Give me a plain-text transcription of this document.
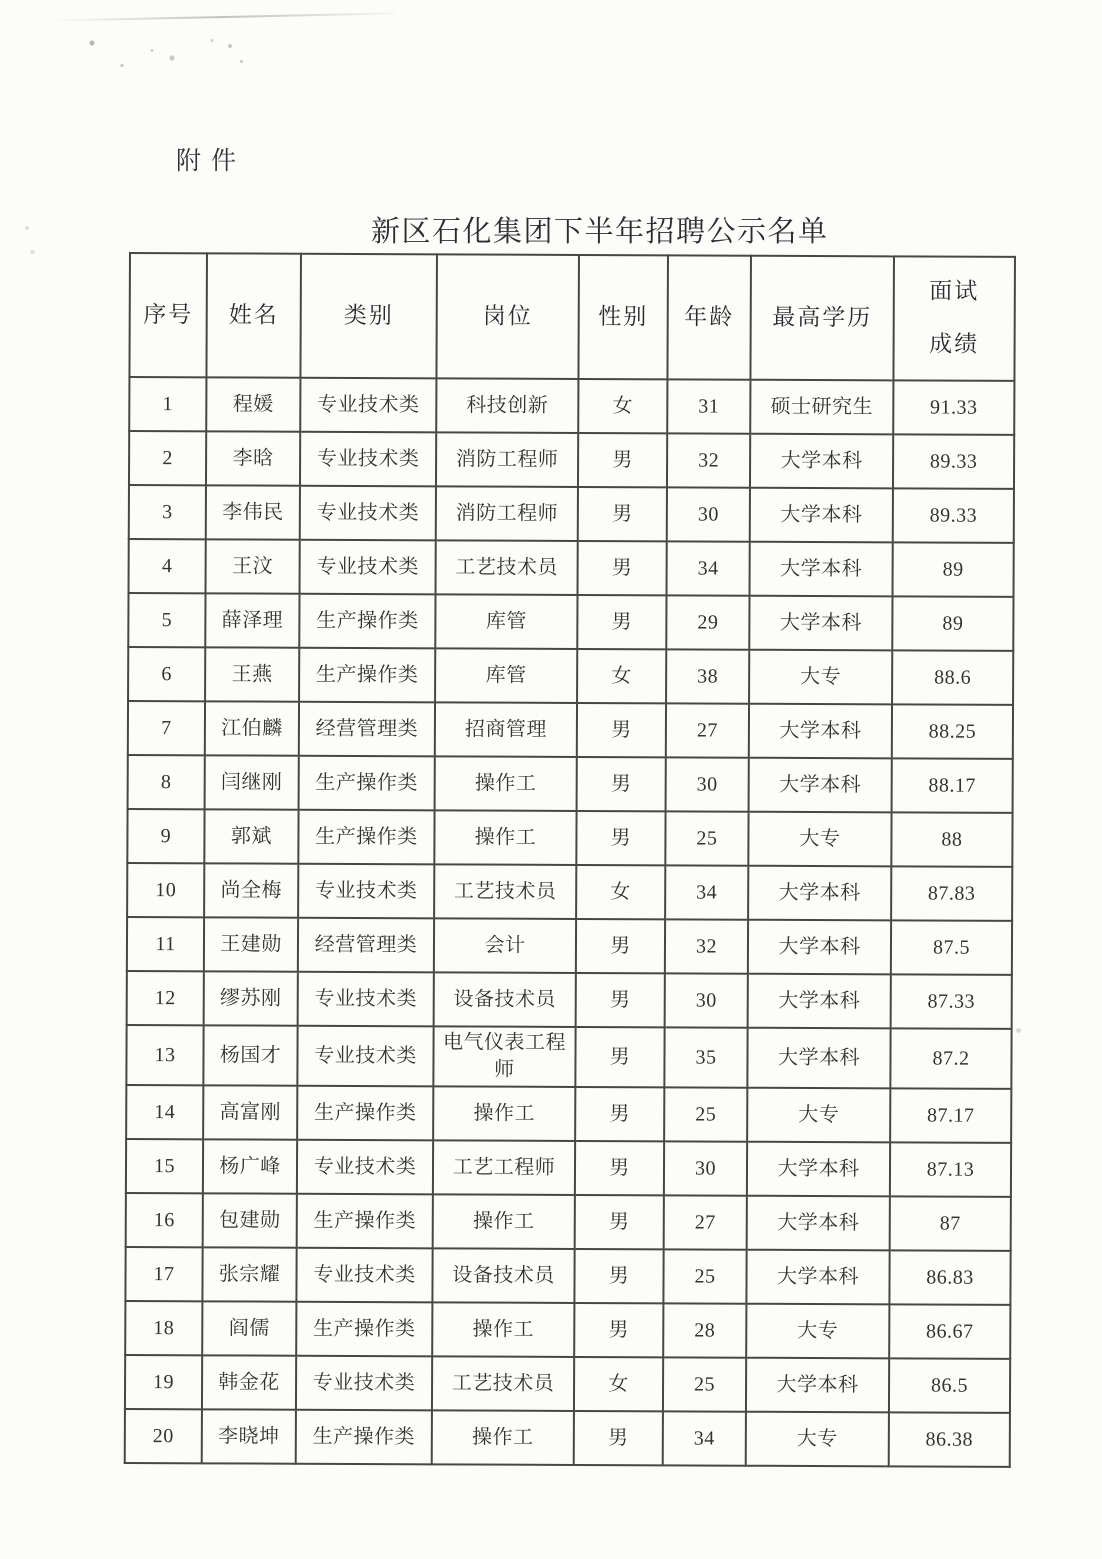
附件
新区石化集团下半年招聘公示名单
序号	姓名	类别	岗位	性别	年龄	最高学历	面试
成绩
1	程媛	专业技术类	科技创新	女	31	硕士研究生	91.33
2	李晗	专业技术类	消防工程师	男	32	大学本科	89.33
3	李伟民	专业技术类	消防工程师	男	30	大学本科	89.33
4	王汶	专业技术类	工艺技术员	男	34	大学本科	89
5	薛泽理	生产操作类	库管	男	29	大学本科	89
6	王燕	生产操作类	库管	女	38	大专	88.6
7	江伯麟	经营管理类	招商管理	男	27	大学本科	88.25
8	闫继刚	生产操作类	操作工	男	30	大学本科	88.17
9	郭斌	生产操作类	操作工	男	25	大专	88
10	尚全梅	专业技术类	工艺技术员	女	34	大学本科	87.83
11	王建勋	经营管理类	会计	男	32	大学本科	87.5
12	缪苏刚	专业技术类	设备技术员	男	30	大学本科	87.33
13	杨国才	专业技术类	电气仪表工程师	男	35	大学本科	87.2
14	高富刚	生产操作类	操作工	男	25	大专	87.17
15	杨广峰	专业技术类	工艺工程师	男	30	大学本科	87.13
16	包建勋	生产操作类	操作工	男	27	大学本科	87
17	张宗耀	专业技术类	设备技术员	男	25	大学本科	86.83
18	阎儒	生产操作类	操作工	男	28	大专	86.67
19	韩金花	专业技术类	工艺技术员	女	25	大学本科	86.5
20	李晓坤	生产操作类	操作工	男	34	大专	86.38
